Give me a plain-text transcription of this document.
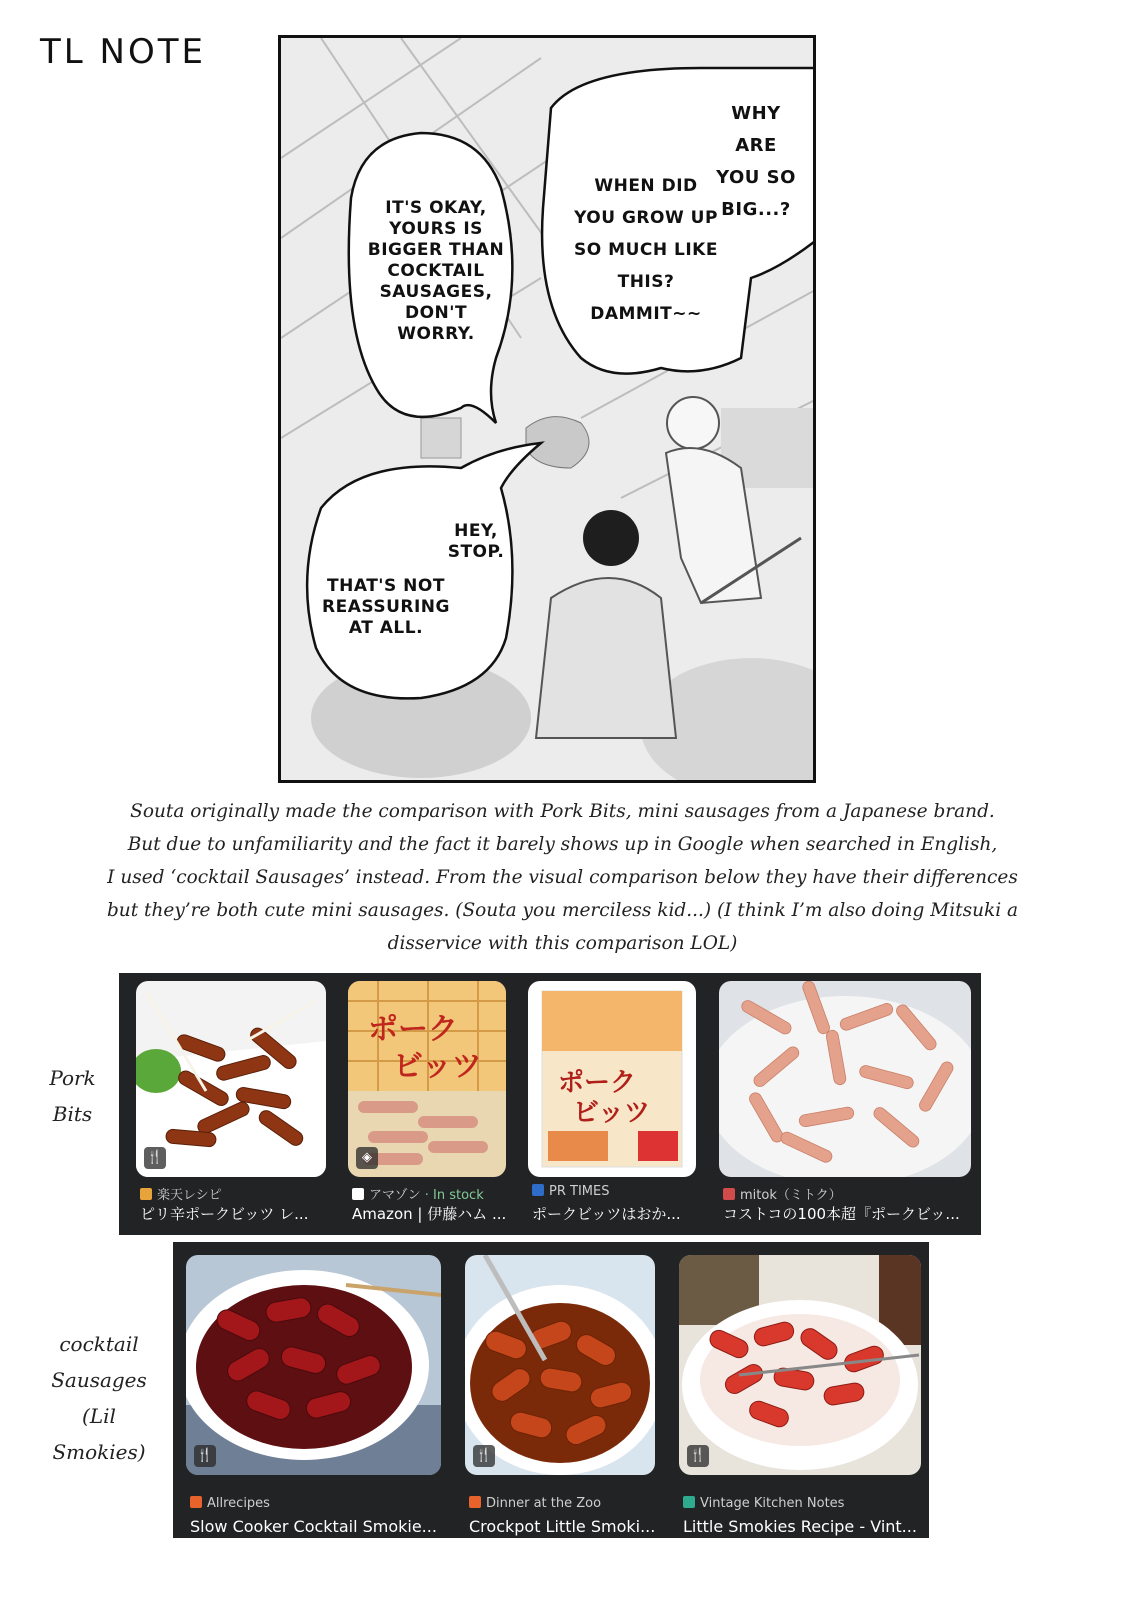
TL NOTE
WHY ARE YOU SO BIG...?
WHEN DID YOU GROW UP SO MUCH LIKE THIS? DAMMIT~~
IT'S OKAY, YOURS IS BIGGER THAN COCKTAIL SAUSAGES, DON'T WORRY.
HEY, STOP.
THAT'S NOT REASSURING AT ALL.
Souta originally made the comparison with Pork Bits, mini sausages from a Japanese brand.
But due to unfamiliarity and the fact it barely shows up in Google when searched in English,
I used ‘cocktail Sausages’ instead. From the visual comparison below they have their differences
but they’re both cute mini sausages. (Souta you merciless kid...) (I think I’m also doing Mitsuki a
disservice with this comparison LOL)
Pork
Bits
🍴
楽天レシピ
ピリ辛ポークビッツ レ...
ポーク
ビッツ
◈
アマゾン · In stock
Amazon | 伊藤ハム ...
ポーク
ビッツ
PR TIMES
ポークビッツはおか...
mitok（ミトク）
コストコの100本超『ポークビッ...
cocktail
Sausages
(Lil
Smokies)	🍴
Allrecipes
Slow Cooker Cocktail Smokie...
🍴
Dinner at the Zoo
Crockpot Little Smoki...
🍴
Vintage Kitchen Notes
Little Smokies Recipe - Vint...
